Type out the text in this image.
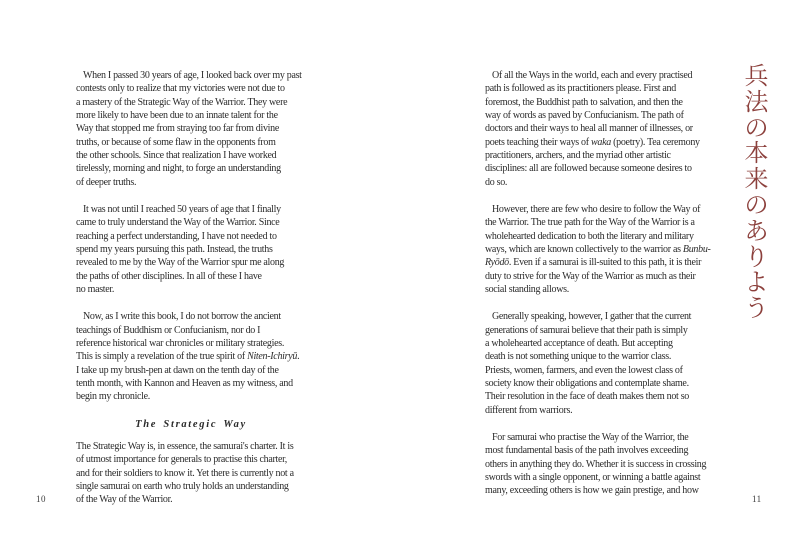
When I passed 30 years of age, I looked back over my past
contests only to realize that my victories were not due to
a mastery of the Strategic Way of the Warrior. They were
more likely to have been due to an innate talent for the
Way that stopped me from straying too far from divine
truths, or because of some flaw in the opponents from
the other schools. Since that realization I have worked
tirelessly, morning and night, to forge an understanding
of deeper truths.
It was not until I reached 50 years of age that I finally
came to truly understand the Way of the Warrior. Since
reaching a perfect understanding, I have not needed to
spend my years pursuing this path. Instead, the truths
revealed to me by the Way of the Warrior spur me along
the paths of other disciplines. In all of these I have
no master.
Now, as I write this book, I do not borrow the ancient
teachings of Buddhism or Confucianism, nor do I
reference historical war chronicles or military strategies.
This is simply a revelation of the true spirit of Niten-Ichiryū.
I take up my brush-pen at dawn on the tenth day of the
tenth month, with Kannon and Heaven as my witness, and
begin my chronicle.
The Strategic Way
The Strategic Way is, in essence, the samurai's charter. It is
of utmost importance for generals to practise this charter,
and for their soldiers to know it. Yet there is currently not a
single samurai on earth who truly holds an understanding
of the Way of the Warrior.
Of all the Ways in the world, each and every practised
path is followed as its practitioners please. First and
foremost, the Buddhist path to salvation, and then the
way of words as paved by Confucianism. The path of
doctors and their ways to heal all manner of illnesses, or
poets teaching their ways of waka (poetry). Tea ceremony
practitioners, archers, and the myriad other artistic
disciplines: all are followed because someone desires to
do so.
However, there are few who desire to follow the Way of
the Warrior. The true path for the Way of the Warrior is a
wholehearted dedication to both the literary and military
ways, which are known collectively to the warrior as Bunbu-
Ryōdō. Even if a samurai is ill-suited to this path, it is their
duty to strive for the Way of the Warrior as much as their
social standing allows.
Generally speaking, however, I gather that the current
generations of samurai believe that their path is simply
a wholehearted acceptance of death. But accepting
death is not something unique to the warrior class.
Priests, women, farmers, and even the lowest class of
society know their obligations and contemplate shame.
Their resolution in the face of death makes them not so
different from warriors.
For samurai who practise the Way of the Warrior, the
most fundamental basis of the path involves exceeding
others in anything they do. Whether it is success in crossing
swords with a single opponent, or winning a battle against
many, exceeding others is how we gain prestige, and how
兵
法
の
本
来
の
あ
り
よ
う
10	11
